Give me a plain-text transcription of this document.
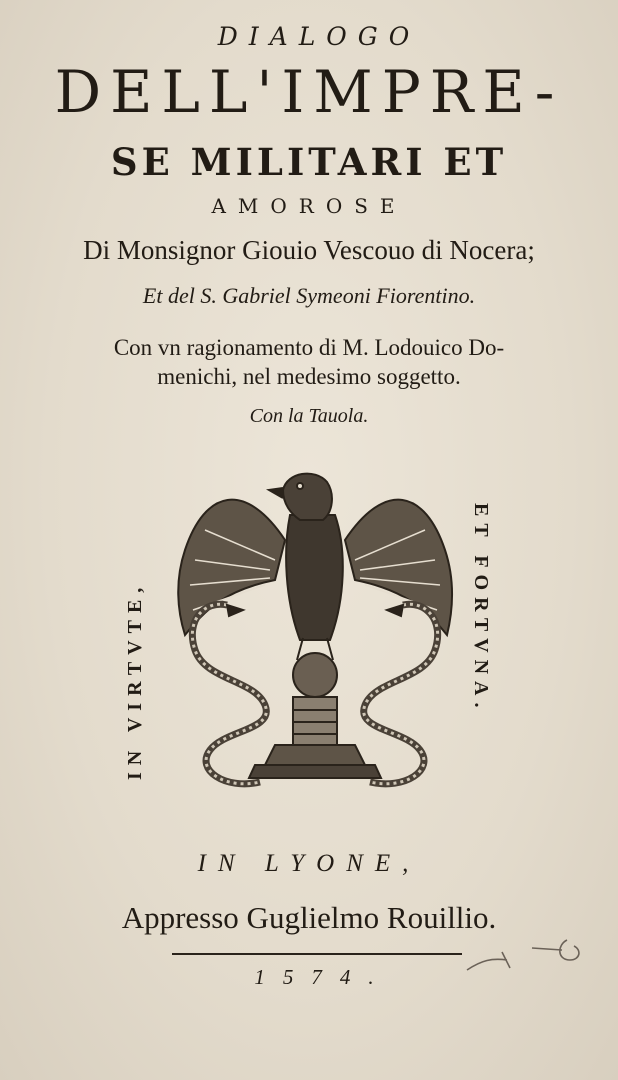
DIALOGO
DELL'IMPRE-
SE MILITARI ET
AMOROSE
Di Monsignor Giouio Vescouo di Nocera;
Et del S. Gabriel Symeoni Fiorentino.
Con vn ragionamento di M. Lodouico Do-
menichi, nel medesimo soggetto.
Con la Tauola.
IN VIRTVTE,	ET FORTVNA.
IN LYONE,
Appresso Guglielmo Rouillio.
1574.
